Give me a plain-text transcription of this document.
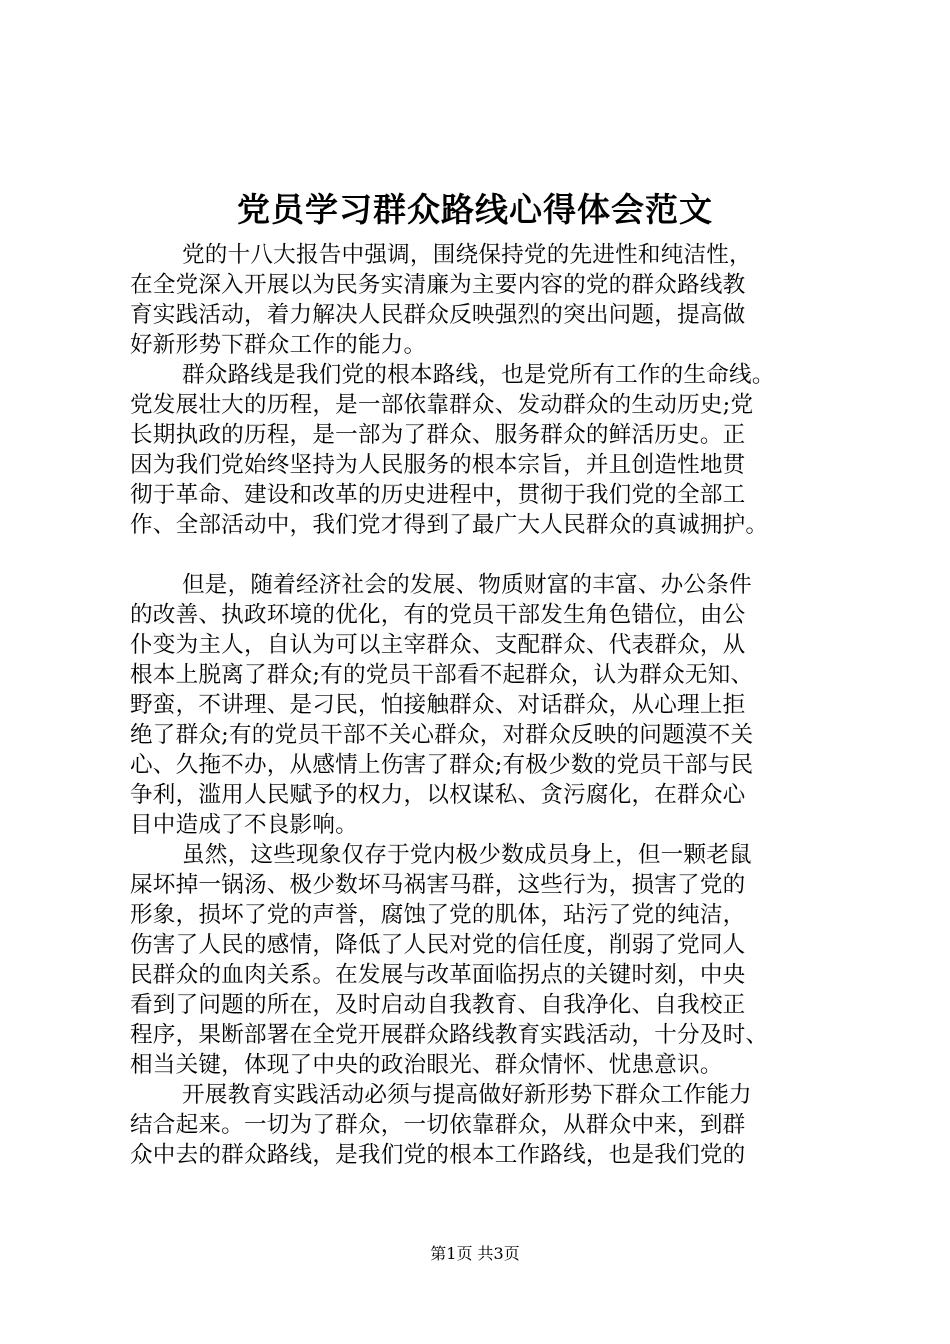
党员学习群众路线心得体会范文
党的十八大报告中强调，围绕保持党的先进性和纯洁性，
在全党深入开展以为民务实清廉为主要内容的党的群众路线教
育实践活动，着力解决人民群众反映强烈的突出问题，提高做
好新形势下群众工作的能力。
群众路线是我们党的根本路线，也是党所有工作的生命线。
党发展壮大的历程，是一部依靠群众、发动群众的生动历史;党
长期执政的历程，是一部为了群众、服务群众的鲜活历史。正
因为我们党始终坚持为人民服务的根本宗旨，并且创造性地贯
彻于革命、建设和改革的历史进程中，贯彻于我们党的全部工
作、全部活动中，我们党才得到了最广大人民群众的真诚拥护。
但是，随着经济社会的发展、物质财富的丰富、办公条件
的改善、执政环境的优化，有的党员干部发生角色错位，由公
仆变为主人，自认为可以主宰群众、支配群众、代表群众，从
根本上脱离了群众;有的党员干部看不起群众，认为群众无知、
野蛮，不讲理、是刁民，怕接触群众、对话群众，从心理上拒
绝了群众;有的党员干部不关心群众，对群众反映的问题漠不关
心、久拖不办，从感情上伤害了群众;有极少数的党员干部与民
争利，滥用人民赋予的权力，以权谋私、贪污腐化，在群众心
目中造成了不良影响。
虽然，这些现象仅存于党内极少数成员身上，但一颗老鼠
屎坏掉一锅汤、极少数坏马祸害马群，这些行为，损害了党的
形象，损坏了党的声誉，腐蚀了党的肌体，玷污了党的纯洁，
伤害了人民的感情，降低了人民对党的信任度，削弱了党同人
民群众的血肉关系。在发展与改革面临拐点的关键时刻，中央
看到了问题的所在，及时启动自我教育、自我净化、自我校正
程序，果断部署在全党开展群众路线教育实践活动，十分及时、
相当关键，体现了中央的政治眼光、群众情怀、忧患意识。
开展教育实践活动必须与提高做好新形势下群众工作能力
结合起来。一切为了群众，一切依靠群众，从群众中来，到群
众中去的群众路线，是我们党的根本工作路线，也是我们党的
第1页 共3页
